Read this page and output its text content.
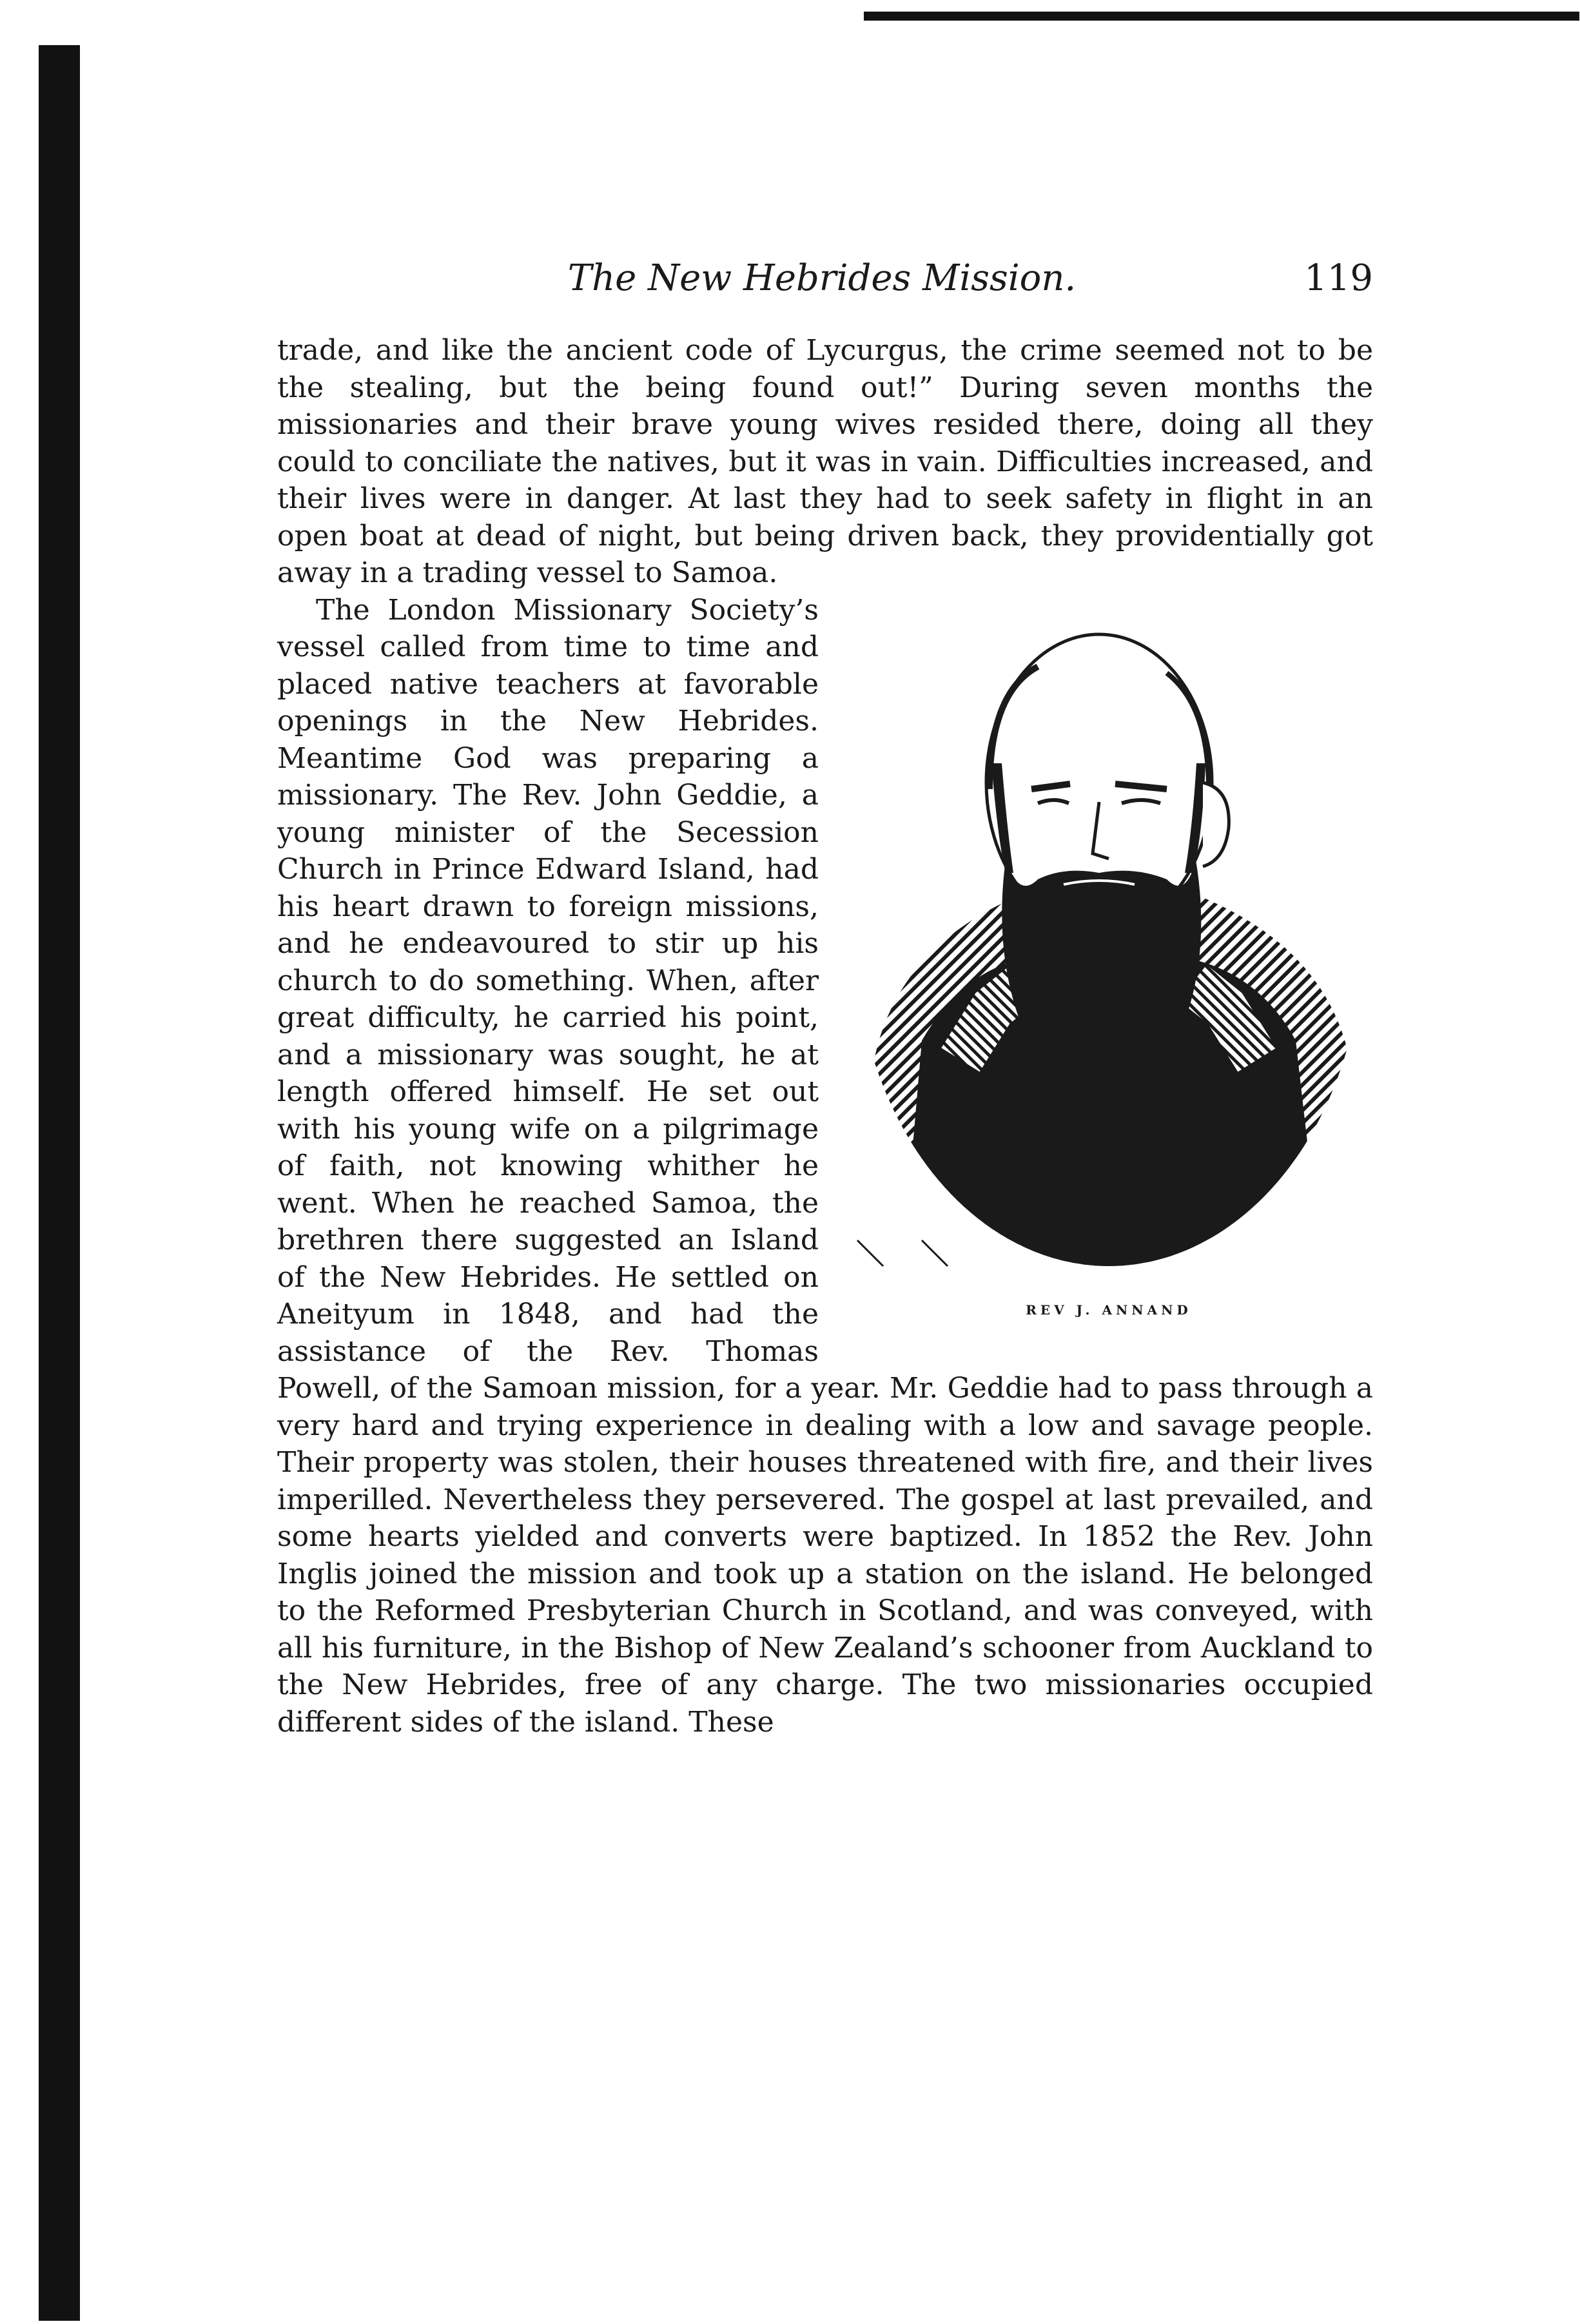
The New Hebrides Mission.	119

trade, and like the ancient code of Lycurgus, the crime seemed not to be the stealing, but the being found out!” During seven months the missionaries and their brave young wives resided there, doing all they could to conciliate the natives, but it was in vain. Difficulties increased, and their lives were in danger. At last they had to seek safety in flight in an open boat at dead of night, but being driven back, they providentially got away in a trading vessel to Samoa.

REV J. ANNAND

The London Missionary Society’s vessel called from time to time and placed native teachers at favorable openings in the New Hebrides. Meantime God was preparing a missionary. The Rev. John Geddie, a young minister of the Secession Church in Prince Edward Island, had his heart drawn to foreign missions, and he endeavoured to stir up his church to do something. When, after great difficulty, he carried his point, and a missionary was sought, he at length offered himself. He set out with his young wife on a pilgrimage of faith, not knowing whither he went. When he reached Samoa, the brethren there suggested an Island of the New Hebrides. He settled on Aneityum in 1848, and had the assistance of the Rev. Thomas Powell, of the Samoan mission, for a year. Mr. Geddie had to pass through a very hard and trying experience in dealing with a low and savage people. Their property was stolen, their houses threatened with fire, and their lives imperilled. Nevertheless they persevered. The gospel at last prevailed, and some hearts yielded and converts were baptized. In 1852 the Rev. John Inglis joined the mission and took up a station on the island. He belonged to the Reformed Presbyterian Church in Scotland, and was conveyed, with all his furniture, in the Bishop of New Zealand’s schooner from Auckland to the New Hebrides, free of any charge. The two missionaries occupied different sides of the island. These
